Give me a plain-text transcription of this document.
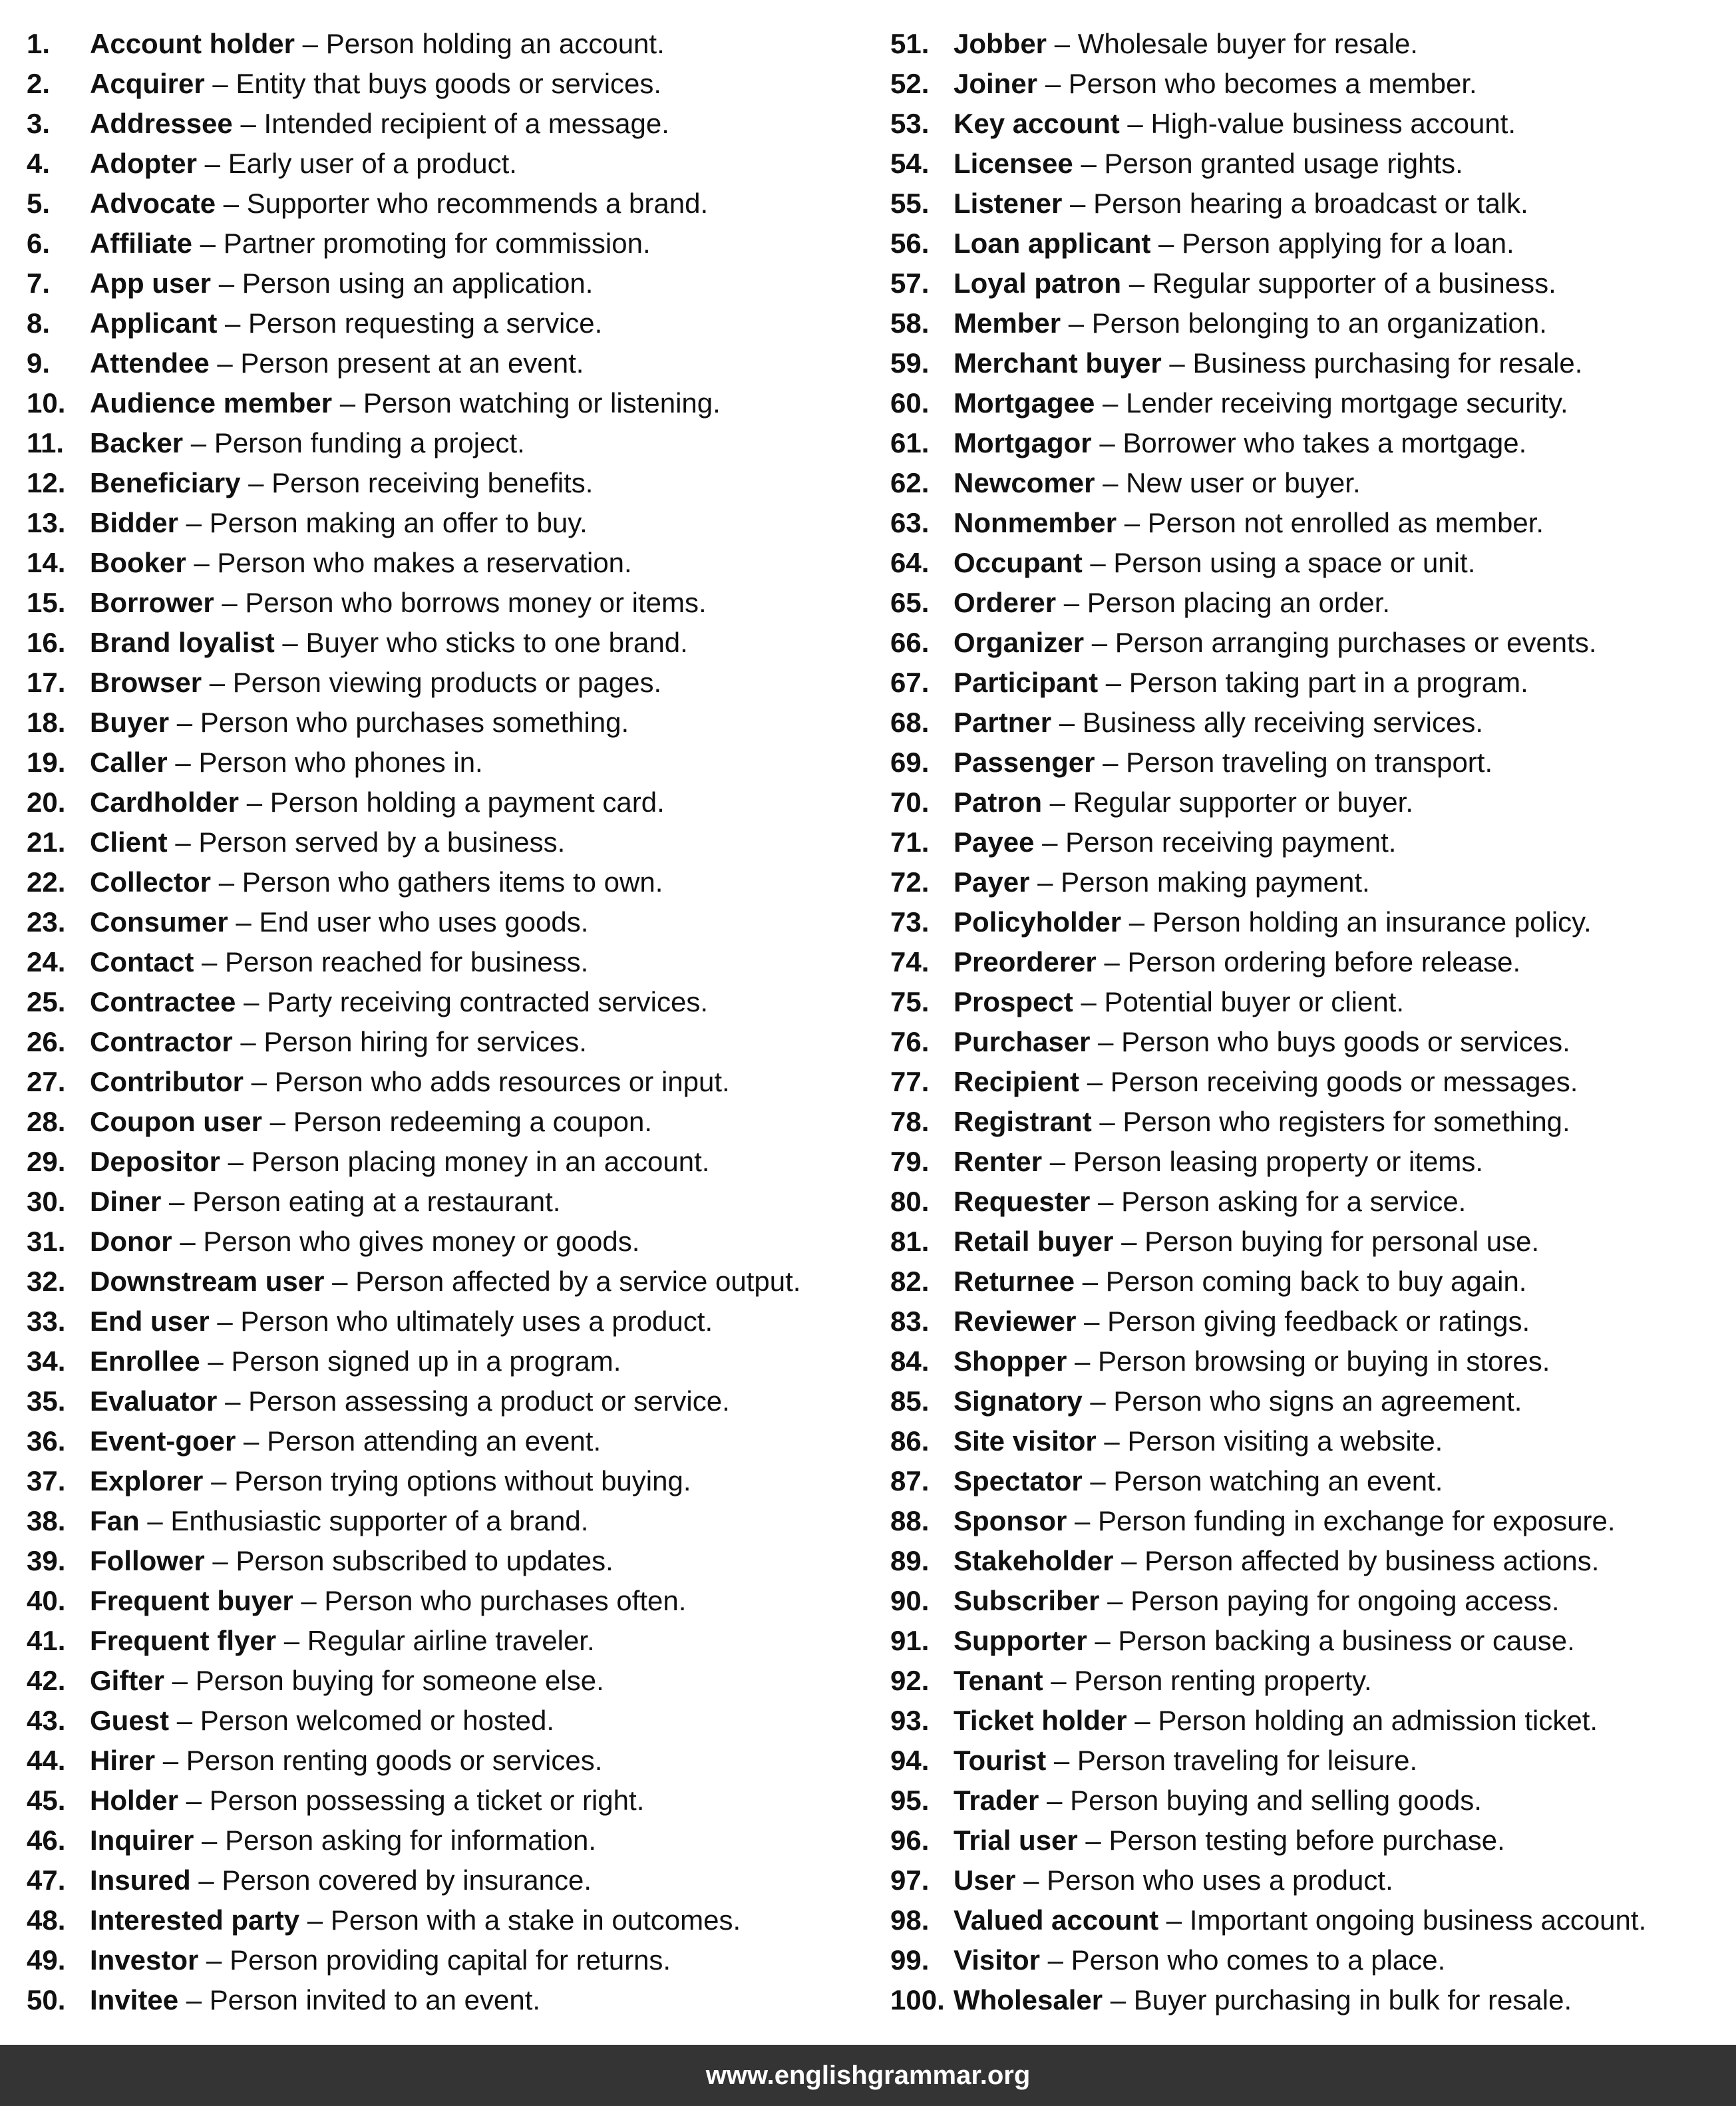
1.	Account holder – Person holding an account.
2.	Acquirer – Entity that buys goods or services.
3.	Addressee – Intended recipient of a message.
4.	Adopter – Early user of a product.
5.	Advocate – Supporter who recommends a brand.
6.	Affiliate – Partner promoting for commission.
7.	App user – Person using an application.
8.	Applicant – Person requesting a service.
9.	Attendee – Person present at an event.
10. Audience member – Person watching or listening.
11. Backer – Person funding a project.
12. Beneficiary – Person receiving benefits.
13. Bidder – Person making an offer to buy.
14. Booker – Person who makes a reservation.
15. Borrower – Person who borrows money or items.
16. Brand loyalist – Buyer who sticks to one brand.
17. Browser – Person viewing products or pages.
18. Buyer – Person who purchases something.
19. Caller – Person who phones in.
20. Cardholder – Person holding a payment card.
21. Client – Person served by a business.
22. Collector – Person who gathers items to own.
23. Consumer – End user who uses goods.
24. Contact – Person reached for business.
25. Contractee – Party receiving contracted services.
26. Contractor – Person hiring for services.
27. Contributor – Person who adds resources or input.
28. Coupon user – Person redeeming a coupon.
29. Depositor – Person placing money in an account.
30. Diner – Person eating at a restaurant.
31. Donor – Person who gives money or goods.
32. Downstream user – Person affected by a service output.
33. End user – Person who ultimately uses a product.
34. Enrollee – Person signed up in a program.
35. Evaluator – Person assessing a product or service.
36. Event-goer – Person attending an event.
37. Explorer – Person trying options without buying.
38. Fan – Enthusiastic supporter of a brand.
39. Follower – Person subscribed to updates.
40. Frequent buyer – Person who purchases often.
41. Frequent flyer – Regular airline traveler.
42. Gifter – Person buying for someone else.
43. Guest – Person welcomed or hosted.
44. Hirer – Person renting goods or services.
45. Holder – Person possessing a ticket or right.
46. Inquirer – Person asking for information.
47. Insured – Person covered by insurance.
48. Interested party – Person with a stake in outcomes.
49. Investor – Person providing capital for returns.
50. Invitee – Person invited to an event.
51. Jobber – Wholesale buyer for resale.
52. Joiner – Person who becomes a member.
53. Key account – High-value business account.
54. Licensee – Person granted usage rights.
55. Listener – Person hearing a broadcast or talk.
56. Loan applicant – Person applying for a loan.
57. Loyal patron – Regular supporter of a business.
58. Member – Person belonging to an organization.
59. Merchant buyer – Business purchasing for resale.
60. Mortgagee – Lender receiving mortgage security.
61. Mortgagor – Borrower who takes a mortgage.
62. Newcomer – New user or buyer.
63. Nonmember – Person not enrolled as member.
64. Occupant – Person using a space or unit.
65. Orderer – Person placing an order.
66. Organizer – Person arranging purchases or events.
67. Participant – Person taking part in a program.
68. Partner – Business ally receiving services.
69. Passenger – Person traveling on transport.
70. Patron – Regular supporter or buyer.
71. Payee – Person receiving payment.
72. Payer – Person making payment.
73. Policyholder – Person holding an insurance policy.
74. Preorderer – Person ordering before release.
75. Prospect – Potential buyer or client.
76. Purchaser – Person who buys goods or services.
77. Recipient – Person receiving goods or messages.
78. Registrant – Person who registers for something.
79. Renter – Person leasing property or items.
80. Requester – Person asking for a service.
81. Retail buyer – Person buying for personal use.
82. Returnee – Person coming back to buy again.
83. Reviewer – Person giving feedback or ratings.
84. Shopper – Person browsing or buying in stores.
85. Signatory – Person who signs an agreement.
86. Site visitor – Person visiting a website.
87. Spectator – Person watching an event.
88. Sponsor – Person funding in exchange for exposure.
89. Stakeholder – Person affected by business actions.
90. Subscriber – Person paying for ongoing access.
91. Supporter – Person backing a business or cause.
92. Tenant – Person renting property.
93. Ticket holder – Person holding an admission ticket.
94. Tourist – Person traveling for leisure.
95. Trader – Person buying and selling goods.
96. Trial user – Person testing before purchase.
97. User – Person who uses a product.
98. Valued account – Important ongoing business account.
99. Visitor – Person who comes to a place.
100. Wholesaler – Buyer purchasing in bulk for resale.
www.englishgrammar.org
